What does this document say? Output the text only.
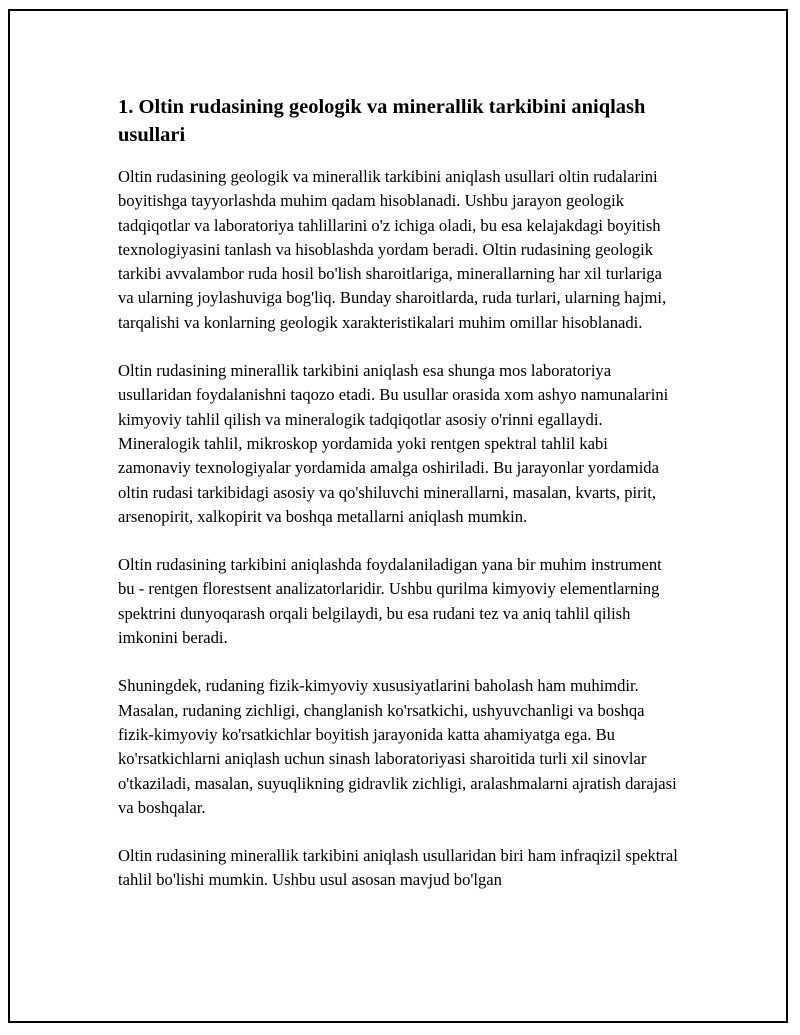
1. Oltin rudasining geologik va minerallik tarkibini aniqlash usullari

Oltin rudasining geologik va minerallik tarkibini aniqlash usullari oltin rudalarini boyitishga tayyorlashda muhim qadam hisoblanadi. Ushbu jarayon geologik tadqiqotlar va laboratoriya tahlillarini o'z ichiga oladi, bu esa kelajakdagi boyitish texnologiyasini tanlash va hisoblashda yordam beradi. Oltin rudasining geologik tarkibi avvalambor ruda hosil bo'lish sharoitlariga, minerallarning har xil turlariga va ularning joylashuviga bog'liq. Bunday sharoitlarda, ruda turlari, ularning hajmi, tarqalishi va konlarning geologik xarakteristikalari muhim omillar hisoblanadi.

Oltin rudasining minerallik tarkibini aniqlash esa shunga mos laboratoriya usullaridan foydalanishni taqozo etadi. Bu usullar orasida xom ashyo namunalarini kimyoviy tahlil qilish va mineralogik tadqiqotlar asosiy o'rinni egallaydi. Mineralogik tahlil, mikroskop yordamida yoki rentgen spektral tahlil kabi zamonaviy texnologiyalar yordamida amalga oshiriladi. Bu jarayonlar yordamida oltin rudasi tarkibidagi asosiy va qo'shiluvchi minerallarni, masalan, kvarts, pirit, arsenopirit, xalkopirit va boshqa metallarni aniqlash mumkin.

Oltin rudasining tarkibini aniqlashda foydalaniladigan yana bir muhim instrument bu - rentgen florestsent analizatorlaridir. Ushbu qurilma kimyoviy elementlarning spektrini dunyoqarash orqali belgilaydi, bu esa rudani tez va aniq tahlil qilish imkonini beradi.

Shuningdek, rudaning fizik-kimyoviy xususiyatlarini baholash ham muhimdir. Masalan, rudaning zichligi, changlanish ko'rsatkichi, ushyuvchanligi va boshqa fizik-kimyoviy ko'rsatkichlar boyitish jarayonida katta ahamiyatga ega. Bu ko'rsatkichlarni aniqlash uchun sinash laboratoriyasi sharoitida turli xil sinovlar o'tkaziladi, masalan, suyuqlikning gidravlik zichligi, aralashmalarni ajratish darajasi va boshqalar.

Oltin rudasining minerallik tarkibini aniqlash usullaridan biri ham infraqizil spektral tahlil bo'lishi mumkin. Ushbu usul asosan mavjud bo'lgan
